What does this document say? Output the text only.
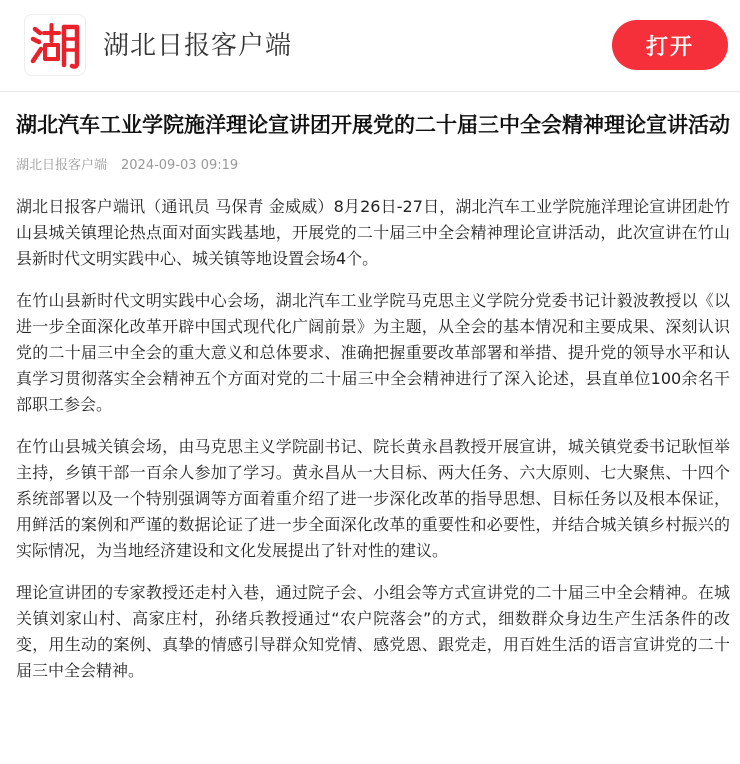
湖北日报客户端	打开
湖北汽车工业学院施洋理论宣讲团开展党的二十届三中全会精神理论宣讲活动
湖北日报客户端 2024-09-03 09:19

湖北日报客户端讯（通讯员 马保青 金威威）8月26日-27日，湖北汽车工业学院施洋理论宣讲团赴竹山县城关镇理论热点面对面实践基地，开展党的二十届三中全会精神理论宣讲活动，此次宣讲在竹山县新时代文明实践中心、城关镇等地设置会场4个。

在竹山县新时代文明实践中心会场，湖北汽车工业学院马克思主义学院分党委书记计毅波教授以《以进一步全面深化改革开辟中国式现代化广阔前景》为主题，从全会的基本情况和主要成果、深刻认识党的二十届三中全会的重大意义和总体要求、准确把握重要改革部署和举措、提升党的领导水平和认真学习贯彻落实全会精神五个方面对党的二十届三中全会精神进行了深入论述，县直单位100余名干部职工参会。

在竹山县城关镇会场，由马克思主义学院副书记、院长黄永昌教授开展宣讲，城关镇党委书记耿恒举主持，乡镇干部一百余人参加了学习。黄永昌从一大目标、两大任务、六大原则、七大聚焦、十四个系统部署以及一个特别强调等方面着重介绍了进一步深化改革的指导思想、目标任务以及根本保证，用鲜活的案例和严谨的数据论证了进一步全面深化改革的重要性和必要性，并结合城关镇乡村振兴的实际情况，为当地经济建设和文化发展提出了针对性的建议。

理论宣讲团的专家教授还走村入巷，通过院子会、小组会等方式宣讲党的二十届三中全会精神。在城关镇刘家山村、高家庄村，孙绪兵教授通过“农户院落会”的方式，细数群众身边生产生活条件的改变，用生动的案例、真挚的情感引导群众知党情、感党恩、跟党走，用百姓生活的语言宣讲党的二十届三中全会精神。
